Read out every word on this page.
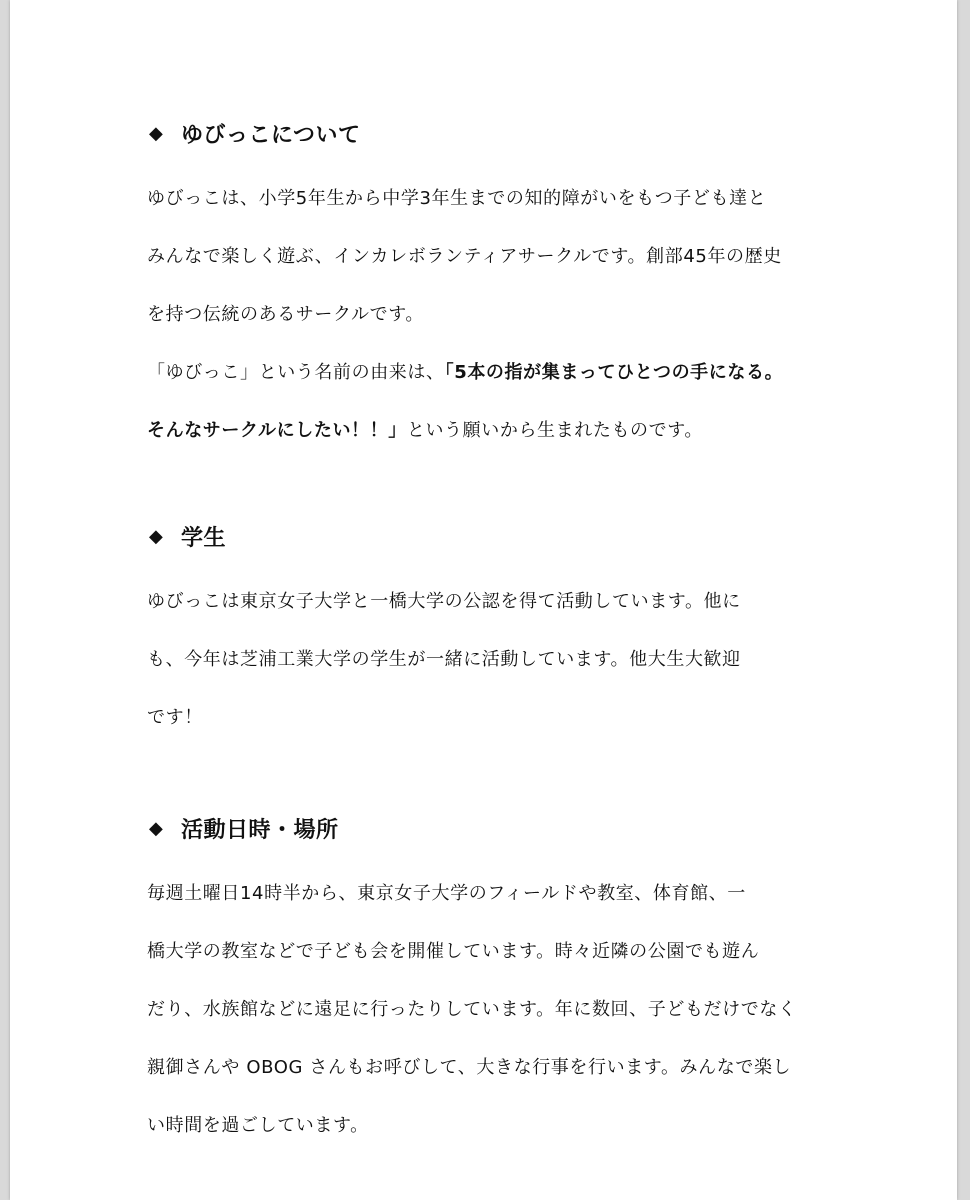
◆ ゆびっこについて

ゆびっこは、小学5年生から中学3年生までの知的障がいをもつ子ども達と

みんなで楽しく遊ぶ、インカレボランティアサークルです。創部45年の歴史

を持つ伝統のあるサークルです。

「ゆびっこ」という名前の由来は、「5本の指が集まってひとつの手になる。

そんなサークルにしたい！！」という願いから生まれたものです。

◆ 学生

ゆびっこは東京女子大学と一橋大学の公認を得て活動しています。他に

も、今年は芝浦工業大学の学生が一緒に活動しています。他大生大歓迎

です！

◆ 活動日時・場所

毎週土曜日14時半から、東京女子大学のフィールドや教室、体育館、一

橋大学の教室などで子ども会を開催しています。時々近隣の公園でも遊ん

だり、水族館などに遠足に行ったりしています。年に数回、子どもだけでなく

親御さんや OBOG さんもお呼びして、大きな行事を行います。みんなで楽し

い時間を過ごしています。
